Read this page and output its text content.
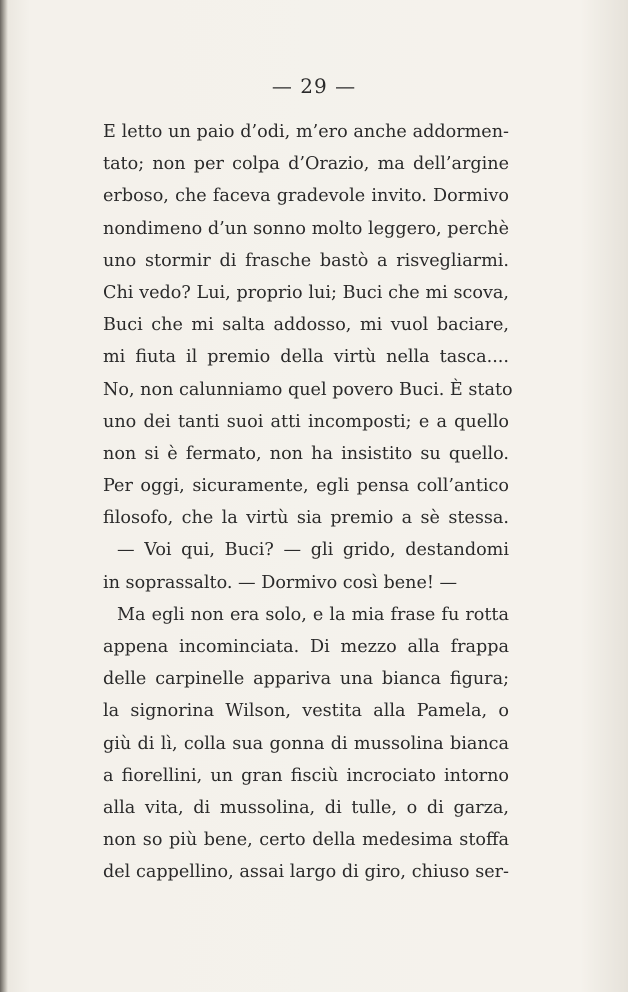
— 29 —
E letto un paio d’odi, m’ero anche addormen-
tato; non per colpa d’Orazio, ma dell’argine
erboso, che faceva gradevole invito. Dormivo
nondimeno d’un sonno molto leggero, perchè
uno stormir di frasche bastò a risvegliarmi.
Chi vedo? Lui, proprio lui; Buci che mi scova,
Buci che mi salta addosso, mi vuol baciare,
mi fiuta il premio della virtù nella tasca....
No, non calunniamo quel povero Buci. È stato
uno dei tanti suoi atti incomposti; e a quello
non si è fermato, non ha insistito su quello.
Per oggi, sicuramente, egli pensa coll’antico
filosofo, che la virtù sia premio a sè stessa.
— Voi qui, Buci? — gli grido, destandomi
in soprassalto. — Dormivo così bene! —
Ma egli non era solo, e la mia frase fu rotta
appena incominciata. Di mezzo alla frappa
delle carpinelle appariva una bianca figura;
la signorina Wilson, vestita alla Pamela, o
giù di lì, colla sua gonna di mussolina bianca
a fiorellini, un gran fisciù incrociato intorno
alla vita, di mussolina, di tulle, o di garza,
non so più bene, certo della medesima stoffa
del cappellino, assai largo di giro, chiuso ser-
